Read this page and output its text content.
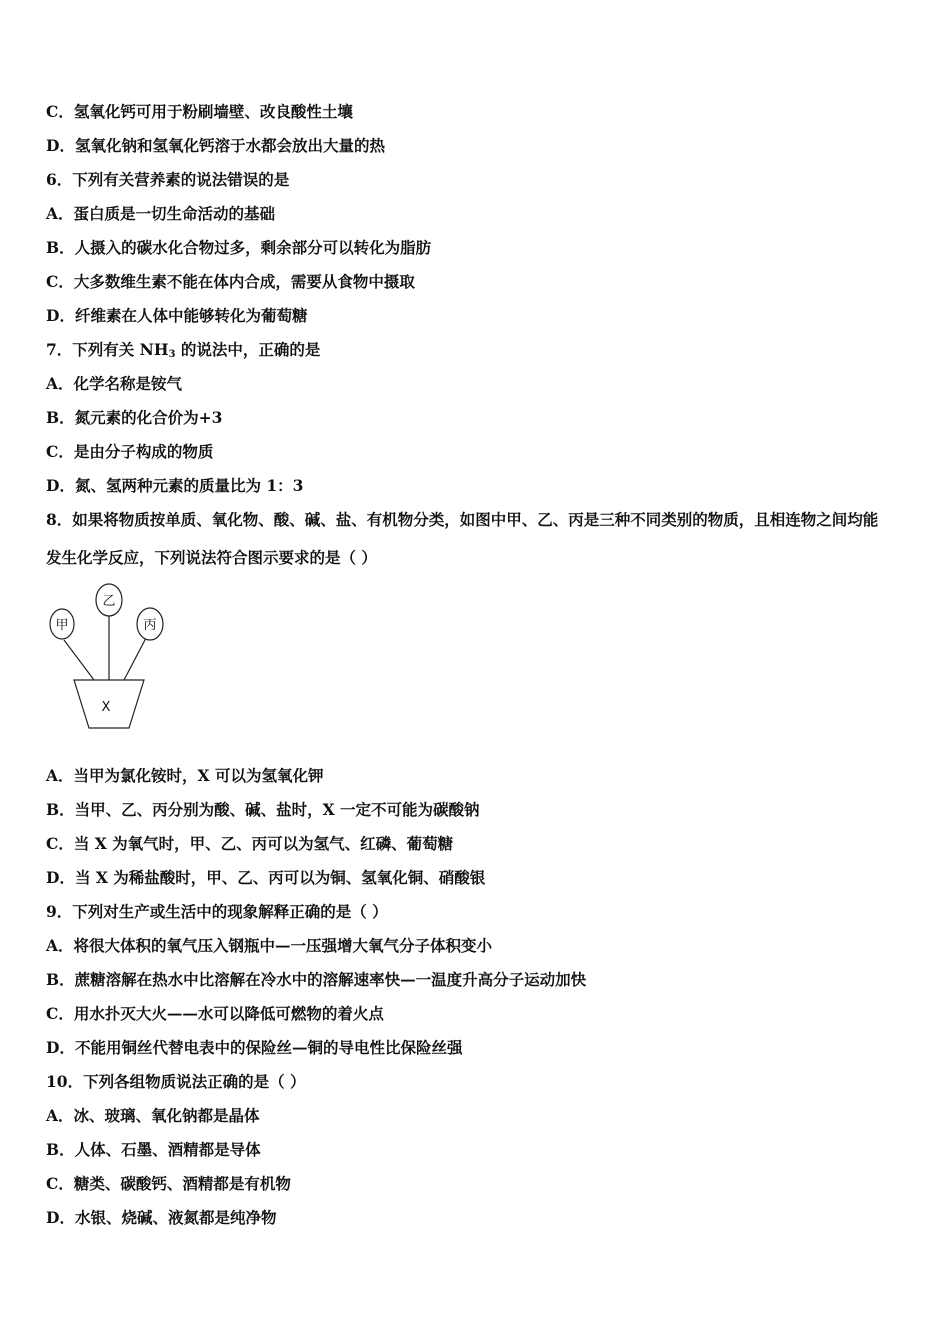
C．氢氧化钙可用于粉刷墙壁、改良酸性土壤
D．氢氧化钠和氢氧化钙溶于水都会放出大量的热
6．下列有关营养素的说法错误的是
A．蛋白质是一切生命活动的基础
B．人摄入的碳水化合物过多，剩余部分可以转化为脂肪
C．大多数维生素不能在体内合成，需要从食物中摄取
D．纤维素在人体中能够转化为葡萄糖
7．下列有关 $NH_3$ 的说法中，正确的是
A．化学名称是铵气
B．氮元素的化合价为+3
C．是由分子构成的物质
D．氮、氢两种元素的质量比为 1：3
8．如果将物质按单质、氧化物、酸、碱、盐、有机物分类，如图中甲、乙、丙是三种不同类别的物质，且相连物之间均能
发生化学反应，下列说法符合图示要求的是（ ）
甲
乙
丙
X
A．当甲为氯化铵时，X 可以为氢氧化钾
B．当甲、乙、丙分别为酸、碱、盐时，X 一定不可能为碳酸钠
C．当 X 为氧气时，甲、乙、丙可以为氢气、红磷、葡萄糖
D．当 X 为稀盐酸时，甲、乙、丙可以为铜、氢氧化铜、硝酸银
9．下列对生产或生活中的现象解释正确的是（ ）
A．将很大体积的氧气压入钢瓶中—一压强增大氧气分子体积变小
B．蔗糖溶解在热水中比溶解在冷水中的溶解速率快—一温度升高分子运动加快
C．用水扑灭大火——水可以降低可燃物的着火点
D．不能用铜丝代替电表中的保险丝—铜的导电性比保险丝强
10．下列各组物质说法正确的是（ ）
A．冰、玻璃、氧化钠都是晶体
B．人体、石墨、酒精都是导体
C．糖类、碳酸钙、酒精都是有机物
D．水银、烧碱、液氮都是纯净物
